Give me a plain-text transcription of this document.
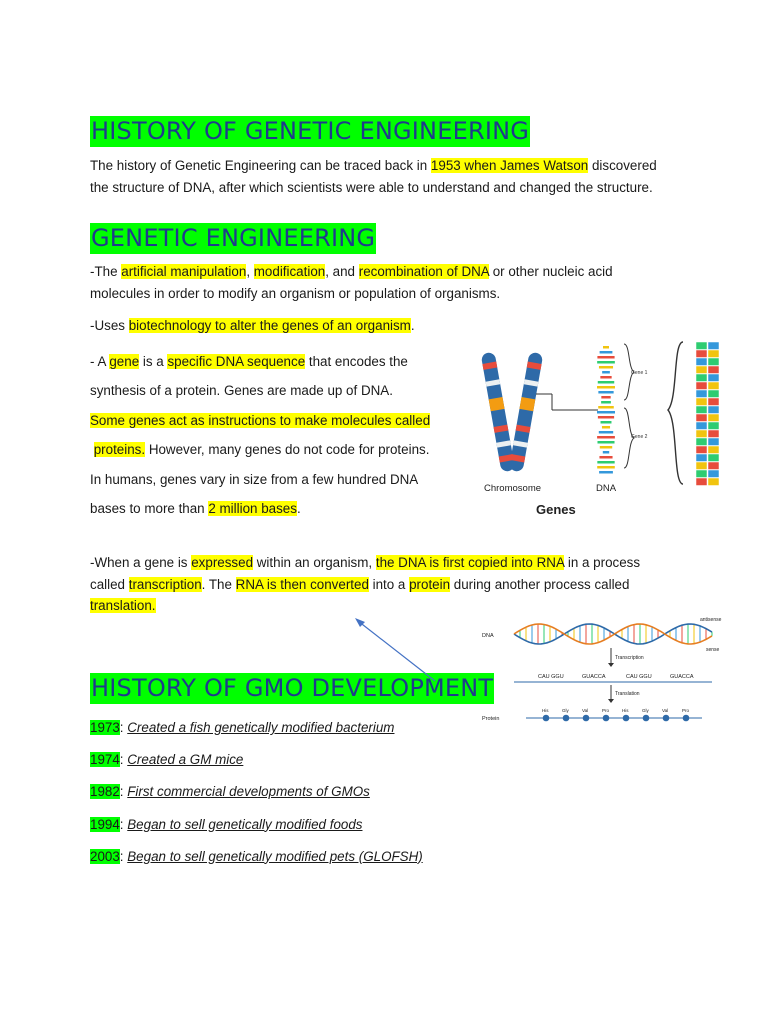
HISTORY OF GENETIC ENGINEERING
The history of Genetic Engineering can be traced back in 1953 when James Watson discovered
the structure of DNA, after which scientists were able to understand and changed the structure.
GENETIC ENGINEERING
-The artificial manipulation, modification, and recombination of DNA or other nucleic acid
molecules in order to modify an organism or population of organisms.
-Uses biotechnology to alter the genes of an organism.
- A gene is a specific DNA sequence that encodes the
synthesis of a protein. Genes are made up of DNA.
Some genes act as instructions to make molecules called
proteins. However, many genes do not code for proteins.
In humans, genes vary in size from a few hundred DNA
bases to more than 2 million bases.
-When a gene is expressed within an organism, the DNA is first copied into RNA in a process
called transcription. The RNA is then converted into a protein during another process called
translation.
HISTORY OF GMO DEVELOPMENT
1973: Created a fish genetically modified bacterium
1974: Created a GM mice
1982: First commercial developments of GMOs
1994: Began to sell genetically modified foods
2003: Began to sell genetically modified pets (GLOFSH)
Gene 1
Gene 2
Chromosome	DNA
Genes
DNA
antisense
sense
Transcription
CAU GGU	GUACCA	CAU GGU	GUACCA
Translation
Protein
His	Gly	Val	Pro	His	Gly	Val	Pro
